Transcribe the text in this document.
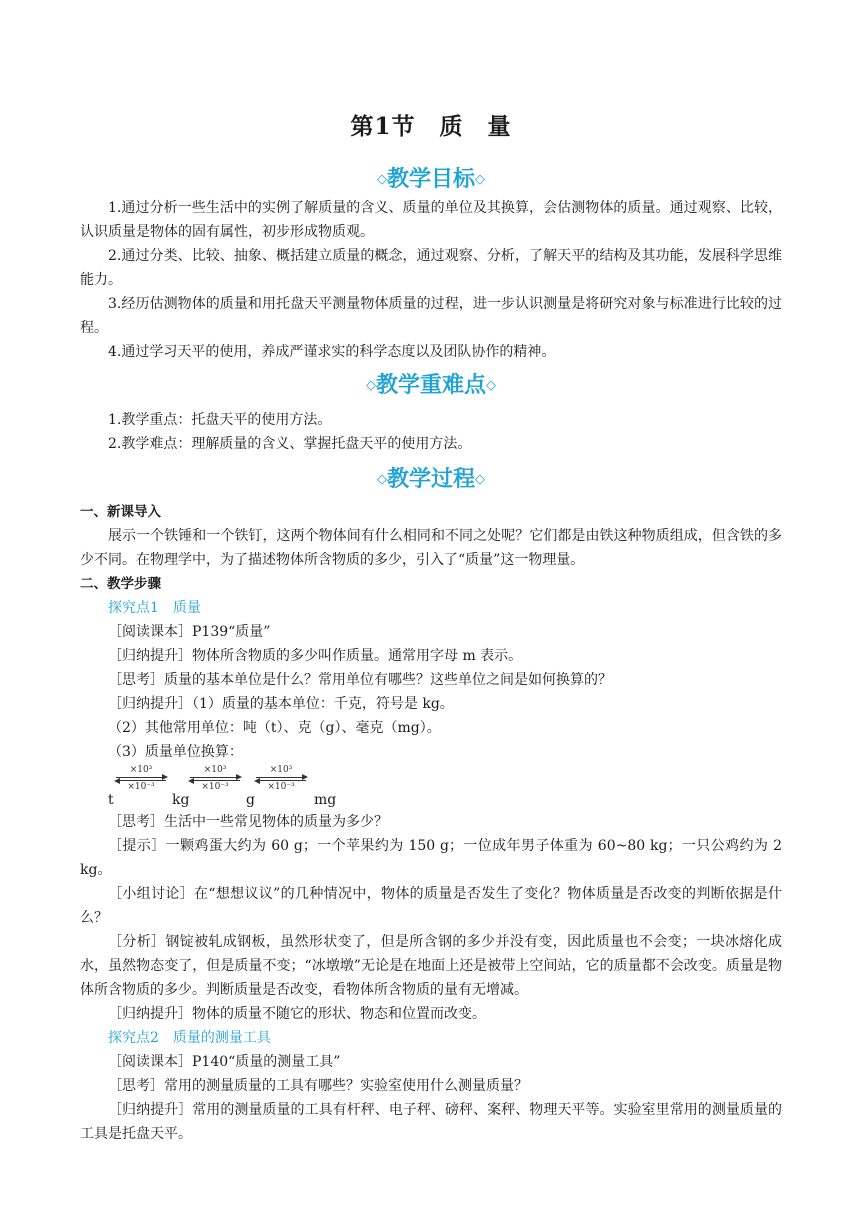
第1节　质　量
◇教学目标◇

1.通过分析一些生活中的实例了解质量的含义、质量的单位及其换算，会估测物体的质量。通过观察、比较，认识质量是物体的固有属性，初步形成物质观。

2.通过分类、比较、抽象、概括建立质量的概念，通过观察、分析，了解天平的结构及其功能，发展科学思维能力。

3.经历估测物体的质量和用托盘天平测量物体质量的过程，进一步认识测量是将研究对象与标准进行比较的过程。

4.通过学习天平的使用，养成严谨求实的科学态度以及团队协作的精神。

◇教学重难点◇

1.教学重点：托盘天平的使用方法。

2.教学难点：理解质量的含义、掌握托盘天平的使用方法。

◇教学过程◇

一、新课导入

展示一个铁锤和一个铁钉，这两个物体间有什么相同和不同之处呢？它们都是由铁这种物质组成，但含铁的多少不同。在物理学中，为了描述物体所含物质的多少，引入了“质量”这一物理量。

二、教学步骤

探究点1 质量

［阅读课本］P139“质量”

［归纳提升］物体所含物质的多少叫作质量。通常用字母 m 表示。

［思考］质量的基本单位是什么？常用单位有哪些？这些单位之间是如何换算的？

［归纳提升］（1）质量的基本单位：千克，符号是 kg。

（2）其他常用单位：吨（t）、克（g）、毫克（mg）。

（3）质量单位换算：

t
×10³
×10⁻³
kg
×10³
×10⁻³
g
×10³
×10⁻³
mg

［思考］生活中一些常见物体的质量为多少？

［提示］一颗鸡蛋大约为 60 g；一个苹果约为 150 g；一位成年男子体重为 60~80 kg；一只公鸡约为 2 kg。

［小组讨论］在“想想议议”的几种情况中，物体的质量是否发生了变化？物体质量是否改变的判断依据是什么？

［分析］钢锭被轧成钢板，虽然形状变了，但是所含钢的多少并没有变，因此质量也不会变；一块冰熔化成水，虽然物态变了，但是质量不变；“冰墩墩”无论是在地面上还是被带上空间站，它的质量都不会改变。质量是物体所含物质的多少。判断质量是否改变，看物体所含物质的量有无增减。

［归纳提升］物体的质量不随它的形状、物态和位置而改变。

探究点2 质量的测量工具

［阅读课本］P140“质量的测量工具”

［思考］常用的测量质量的工具有哪些？实验室使用什么测量质量？

［归纳提升］常用的测量质量的工具有杆秤、电子秤、磅秤、案秤、物理天平等。实验室里常用的测量质量的工具是托盘天平。
